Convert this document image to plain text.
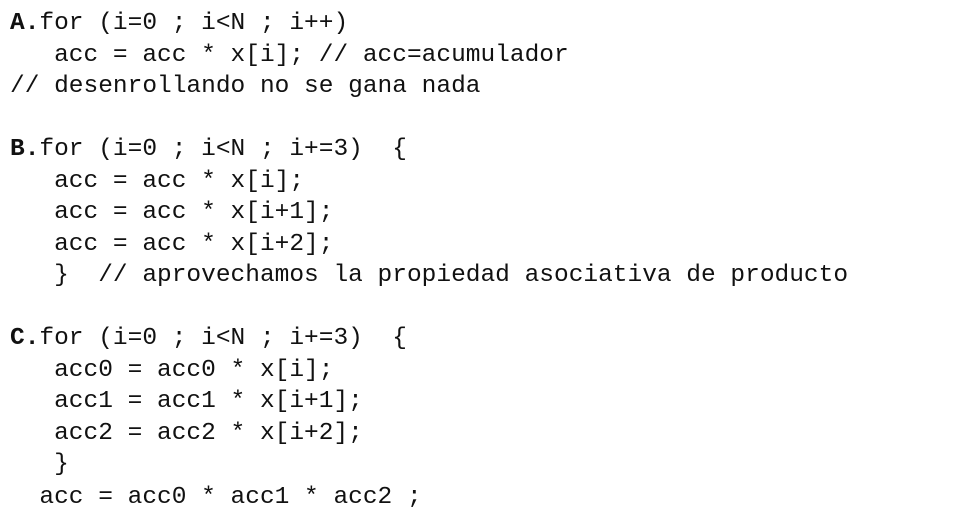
A.for (i=0 ; i<N ; i++)
acc = acc * x[i]; // acc=acumulador
// desenrollando no se gana nada
B.for (i=0 ; i<N ; i+=3)  {
acc = acc * x[i];
acc = acc * x[i+1];
acc = acc * x[i+2];
}  // aprovechamos la propiedad asociativa de producto
C.for (i=0 ; i<N ; i+=3)  {
acc0 = acc0 * x[i];
acc1 = acc1 * x[i+1];
acc2 = acc2 * x[i+2];
}
acc = acc0 * acc1 * acc2 ;
